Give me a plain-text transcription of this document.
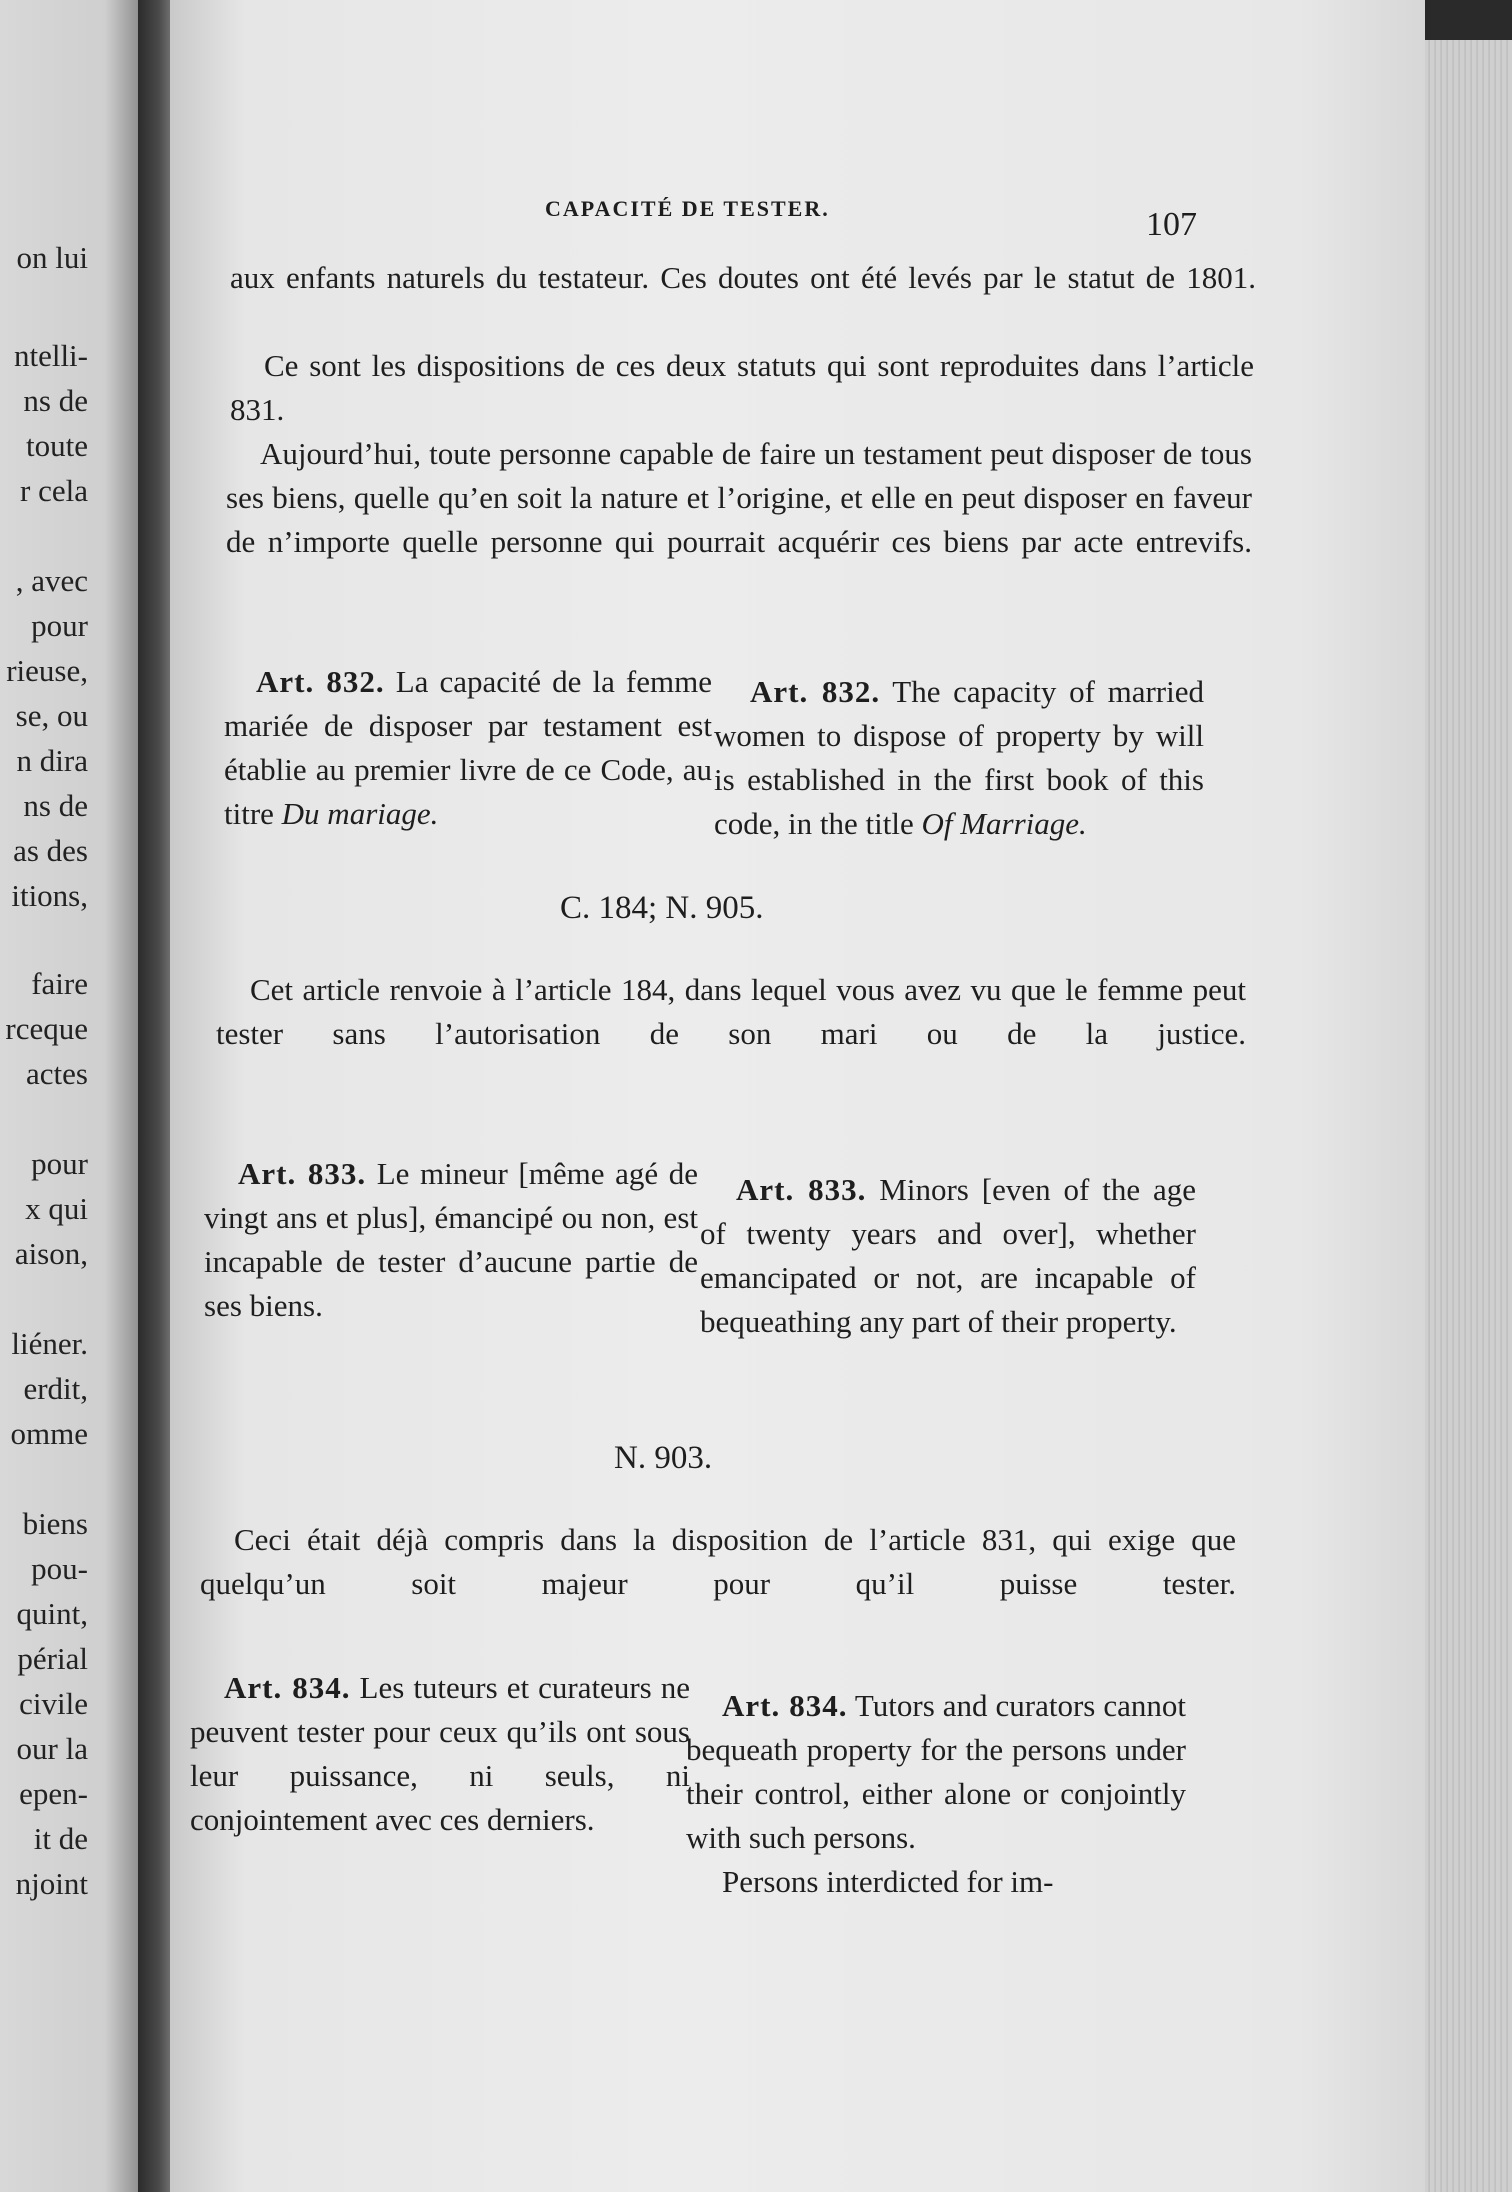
on lui
ntelli-
ns de
toute
r cela
, avec
pour
rieuse,
se, ou
n dira
ns de
as des
itions,
faire
rceque
actes
pour
x qui
aison,
liéner.
erdit,
omme
biens
pou-
quint,
périal
civile
our la
epen-
it de
njoint
CAPACITÉ DE TESTER.	107

aux enfants naturels du testateur. Ces doutes ont été levés par le statut de 1801.

Ce sont les dispositions de ces deux statuts qui sont reproduites dans l’article 831.

Aujourd’hui, toute personne capable de faire un testament peut disposer de tous ses biens, quelle qu’en soit la nature et l’origine, et elle en peut disposer en faveur de n’importe quelle personne qui pourrait acquérir ces biens par acte entrevifs.

Art. 832. La capacité de la femme mariée de disposer par testament est établie au premier livre de ce Code, au titre Du mariage.
Art. 832. The capacity of married women to dispose of property by will is established in the first book of this code, in the title Of Marriage.
C. 184; N. 905.

Cet article renvoie à l’article 184, dans lequel vous avez vu que le femme peut tester sans l’autorisation de son mari ou de la justice.

Art. 833. Le mineur [même agé de vingt ans et plus], émancipé ou non, est incapable de tester d’aucune partie de ses biens.
Art. 833. Minors [even of the age of twenty years and over], whether emancipated or not, are incapable of bequeathing any part of their property.
N. 903.

Ceci était déjà compris dans la disposition de l’article 831, qui exige que quelqu’un soit majeur pour qu’il puisse tester.

Art. 834. Les tuteurs et curateurs ne peuvent tester pour ceux qu’ils ont sous leur puissance, ni seuls, ni conjointement avec ces derniers.
Art. 834. Tutors and curators cannot bequeath property for the persons under their control, either alone or conjointly with such persons.
Persons interdicted for im-
